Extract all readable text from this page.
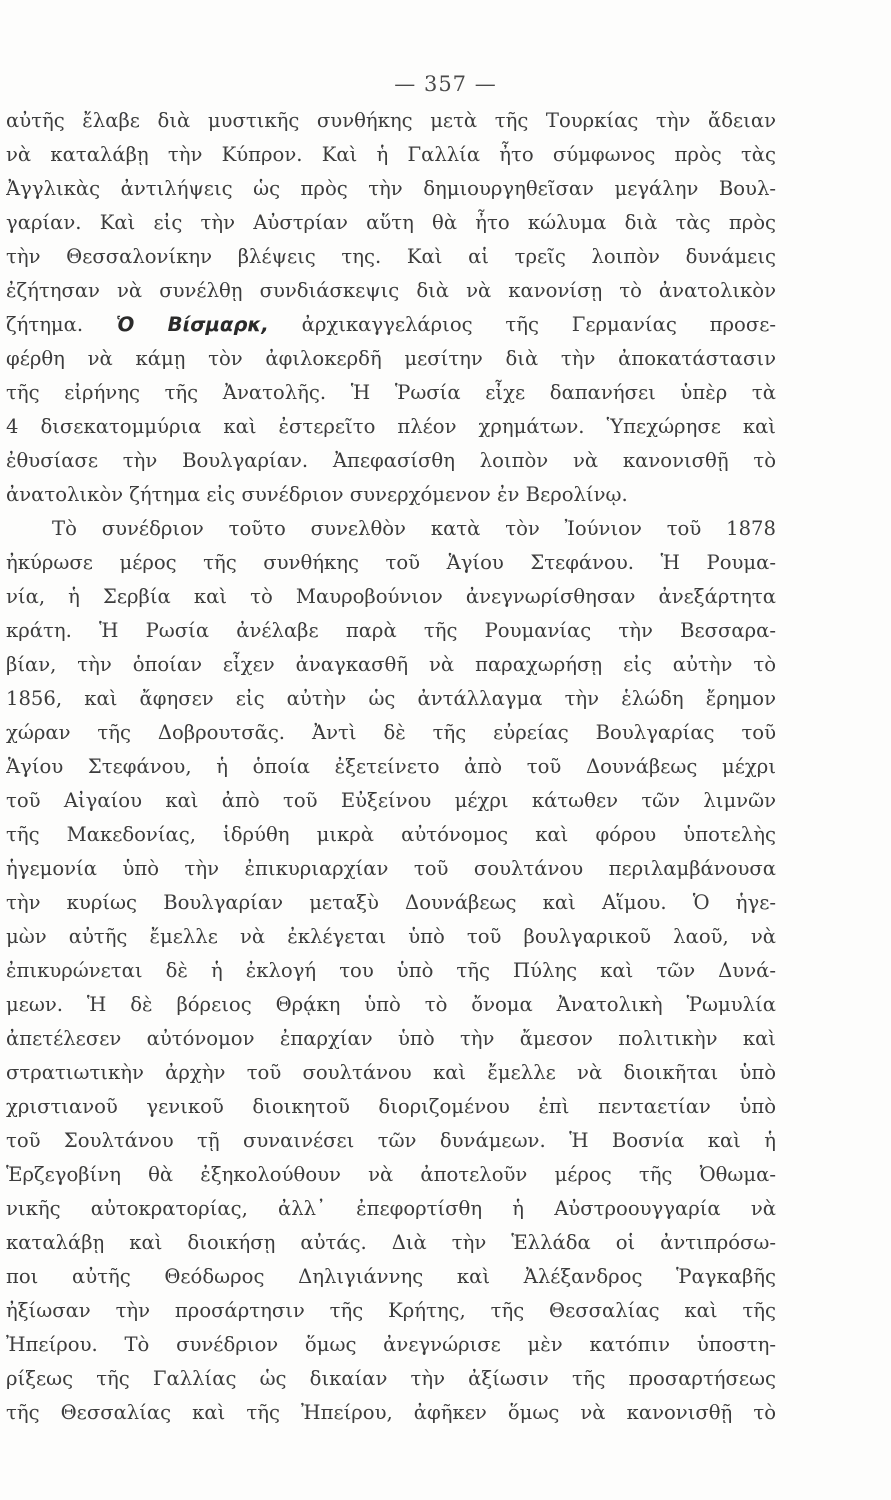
— 357 —
αὐτῆς ἔλαβε διὰ μυστικῆς συνθήκης μετὰ τῆς Τουρκίας τὴν ἄδειαν
νὰ καταλάβῃ τὴν Κύπρον. Καὶ ἡ Γαλλία ἦτο σύμφωνος πρὸς τὰς
Ἀγγλικὰς ἀντιλήψεις ὡς πρὸς τὴν δημιουργηθεῖσαν μεγάλην Βουλ-
γαρίαν. Καὶ εἰς τὴν Αὐστρίαν αὕτη θὰ ἦτο κώλυμα διὰ τὰς πρὸς
τὴν Θεσσαλονίκην βλέψεις της. Καὶ αἱ τρεῖς λοιπὸν δυνάμεις
ἐζήτησαν νὰ συνέλθῃ συνδιάσκεψις διὰ νὰ κανονίσῃ τὸ ἀνατολικὸν
ζήτημα. Ὁ Βίσμαρκ, ἀρχικαγγελάριος τῆς Γερμανίας προσε-
φέρθη νὰ κάμῃ τὸν ἀφιλοκερδῆ μεσίτην διὰ τὴν ἀποκατάστασιν
τῆς εἰρήνης τῆς Ἀνατολῆς. Ἡ Ῥωσία εἶχε δαπανήσει ὑπὲρ τὰ
4 δισεκατομμύρια καὶ ἐστερεῖτο πλέον χρημάτων. Ὑπεχώρησε καὶ
ἐθυσίασε τὴν Βουλγαρίαν. Ἀπεφασίσθη λοιπὸν νὰ κανονισθῇ τὸ
ἀνατολικὸν ζήτημα εἰς συνέδριον συνερχόμενον ἐν Βερολίνῳ.
Τὸ συνέδριον τοῦτο συνελθὸν κατὰ τὸν Ἰούνιον τοῦ 1878
ἠκύρωσε μέρος τῆς συνθήκης τοῦ Ἁγίου Στεφάνου. Ἡ Ρουμα-
νία, ἡ Σερβία καὶ τὸ Μαυροβούνιον ἀνεγνωρίσθησαν ἀνεξάρτητα
κράτη. Ἡ Ρωσία ἀνέλαβε παρὰ τῆς Ρουμανίας τὴν Βεσσαρα-
βίαν, τὴν ὁποίαν εἶχεν ἀναγκασθῆ νὰ παραχωρήσῃ εἰς αὐτὴν τὸ
1856, καὶ ἄφησεν εἰς αὐτὴν ὡς ἀντάλλαγμα τὴν ἑλώδη ἔρημον
χώραν τῆς Δοβρουτσᾶς. Ἀντὶ δὲ τῆς εὐρείας Βουλγαρίας τοῦ
Ἁγίου Στεφάνου, ἡ ὁποία ἐξετείνετο ἀπὸ τοῦ Δουνάβεως μέχρι
τοῦ Αἰγαίου καὶ ἀπὸ τοῦ Εὐξείνου μέχρι κάτωθεν τῶν λιμνῶν
τῆς Μακεδονίας, ἱδρύθη μικρὰ αὐτόνομος καὶ φόρου ὑποτελὴς
ἡγεμονία ὑπὸ τὴν ἐπικυριαρχίαν τοῦ σουλτάνου περιλαμβάνουσα
τὴν κυρίως Βουλγαρίαν μεταξὺ Δουνάβεως καὶ Αἵμου. Ὁ ἡγε-
μὼν αὐτῆς ἔμελλε νὰ ἐκλέγεται ὑπὸ τοῦ βουλγαρικοῦ λαοῦ, νὰ
ἐπικυρώνεται δὲ ἡ ἐκλογή του ὑπὸ τῆς Πύλης καὶ τῶν Δυνά-
μεων. Ἡ δὲ βόρειος Θρᾴκη ὑπὸ τὸ ὄνομα Ἀνατολικὴ Ῥωμυλία
ἀπετέλεσεν αὐτόνομον ἐπαρχίαν ὑπὸ τὴν ἄμεσον πολιτικὴν καὶ
στρατιωτικὴν ἀρχὴν τοῦ σουλτάνου καὶ ἔμελλε νὰ διοικῆται ὑπὸ
χριστιανοῦ γενικοῦ διοικητοῦ διοριζομένου ἐπὶ πενταετίαν ὑπὸ
τοῦ Σουλτάνου τῇ συναινέσει τῶν δυνάμεων. Ἡ Βοσνία καὶ ἡ
Ἑρζεγοβίνη θὰ ἐξηκολούθουν νὰ ἀποτελοῦν μέρος τῆς Ὀθωμα-
νικῆς αὐτοκρατορίας, ἀλλ᾿ ἐπεφορτίσθη ἡ Αὐστροουγγαρία νὰ
καταλάβῃ καὶ διοικήσῃ αὐτάς. Διὰ τὴν Ἑλλάδα οἱ ἀντιπρόσω-
ποι αὐτῆς Θεόδωρος Δηλιγιάννης καὶ Ἀλέξανδρος Ῥαγκαβῆς
ἠξίωσαν τὴν προσάρτησιν τῆς Κρήτης, τῆς Θεσσαλίας καὶ τῆς
Ἠπείρου. Τὸ συνέδριον ὅμως ἀνεγνώρισε μὲν κατόπιν ὑποστη-
ρίξεως τῆς Γαλλίας ὡς δικαίαν τὴν ἀξίωσιν τῆς προσαρτήσεως
τῆς Θεσσαλίας καὶ τῆς Ἠπείρου, ἀφῆκεν ὅμως νὰ κανονισθῇ τὸ
